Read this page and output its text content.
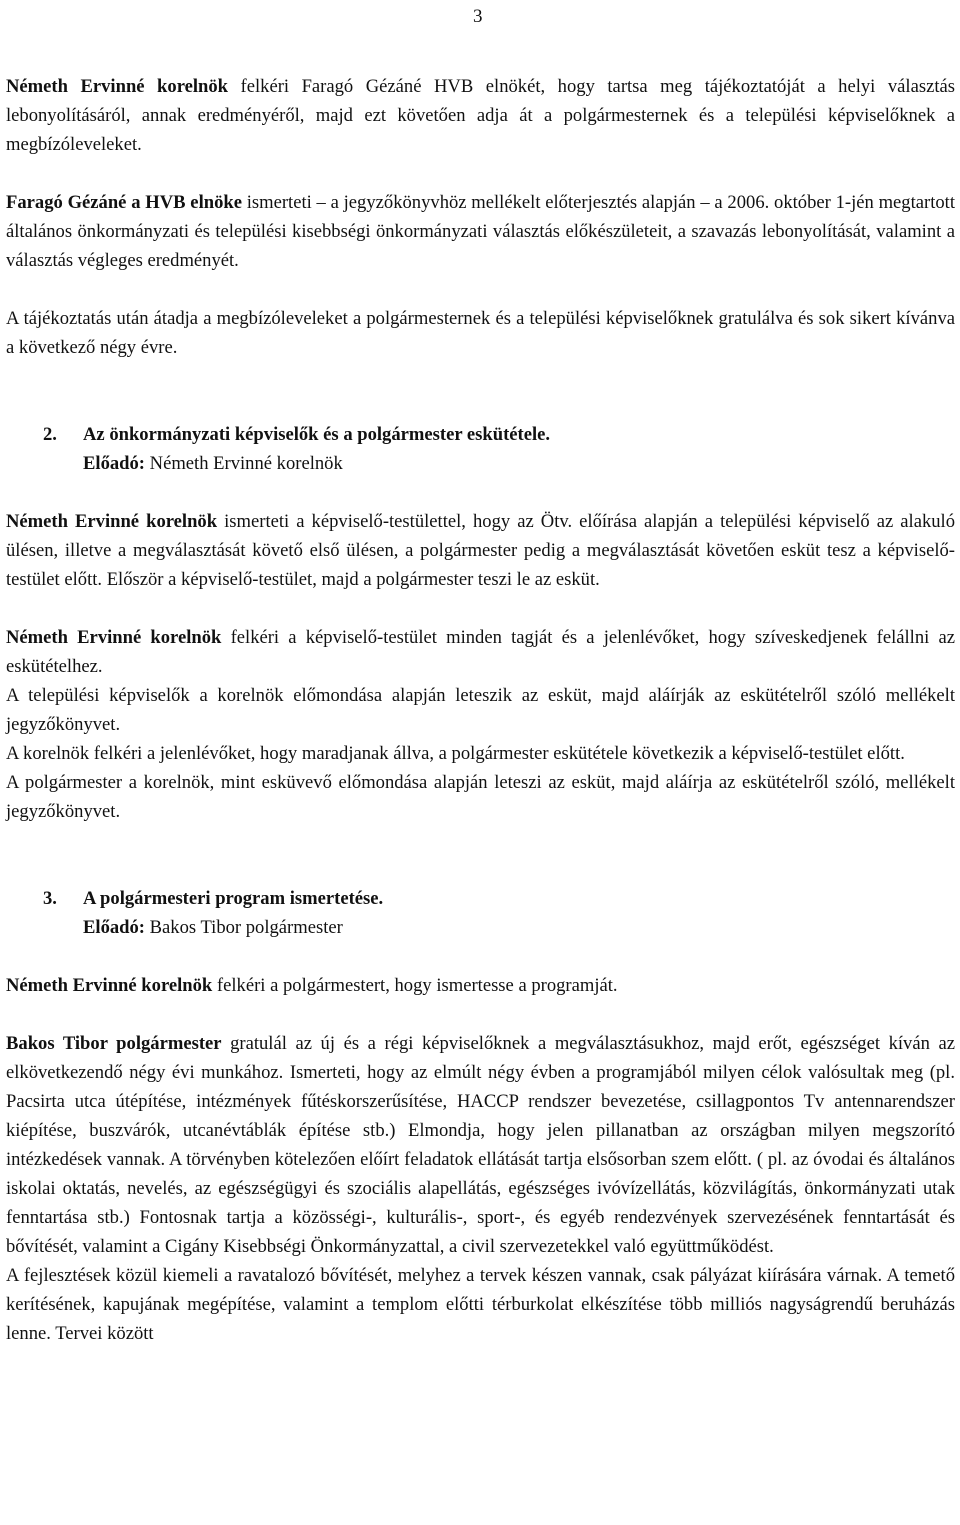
3

Németh Ervinné korelnök felkéri Faragó Gézáné HVB elnökét, hogy tartsa meg tájékoztatóját a helyi választás lebonyolításáról, annak eredményéről, majd ezt követően adja át a polgármesternek és a települési képviselőknek a megbízóleveleket.

Faragó Gézáné a HVB elnöke ismerteti – a jegyzőkönyvhöz mellékelt előterjesztés alapján – a 2006. október 1-jén megtartott általános önkormányzati és települési kisebbségi önkormányzati választás előkészületeit, a szavazás lebonyolítását, valamint a választás végleges eredményét.

A tájékoztatás után átadja a megbízóleveleket a polgármesternek és a települési képviselőknek gratulálva és sok sikert kívánva a következő négy évre.

2. Az önkormányzati képviselők és a polgármester eskütétele.
Előadó: Németh Ervinné korelnök

Németh Ervinné korelnök ismerteti a képviselő-testülettel, hogy az Ötv. előírása alapján a települési képviselő az alakuló ülésen, illetve a megválasztását követő első ülésen, a polgármester pedig a megválasztását követően esküt tesz a képviselő-testület előtt. Először a képviselő-testület, majd a polgármester teszi le az esküt.

Németh Ervinné korelnök felkéri a képviselő-testület minden tagját és a jelenlévőket, hogy szíveskedjenek felállni az eskütételhez.

A települési képviselők a korelnök előmondása alapján leteszik az esküt, majd aláírják az eskütételről szóló mellékelt jegyzőkönyvet.

A korelnök felkéri a jelenlévőket, hogy maradjanak állva, a polgármester eskütétele következik a képviselő-testület előtt.

A polgármester a korelnök, mint esküvevő előmondása alapján leteszi az esküt, majd aláírja az eskütételről szóló, mellékelt jegyzőkönyvet.

3. A polgármesteri program ismertetése.
Előadó: Bakos Tibor polgármester

Németh Ervinné korelnök felkéri a polgármestert, hogy ismertesse a programját.

Bakos Tibor polgármester gratulál az új és a régi képviselőknek a megválasztásukhoz, majd erőt, egészséget kíván az elkövetkezendő négy évi munkához. Ismerteti, hogy az elmúlt négy évben a programjából milyen célok valósultak meg (pl. Pacsirta utca útépítése, intézmények fűtéskorszerűsítése, HACCP rendszer bevezetése, csillagpontos Tv antennarendszer kiépítése, buszvárók, utcanévtáblák építése stb.) Elmondja, hogy jelen pillanatban az országban milyen megszorító intézkedések vannak. A törvényben kötelezően előírt feladatok ellátását tartja elsősorban szem előtt. ( pl. az óvodai és általános iskolai oktatás, nevelés, az egészségügyi és szociális alapellátás, egészséges ivóvízellátás, közvilágítás, önkormányzati utak fenntartása stb.) Fontosnak tartja a közösségi-, kulturális-, sport-, és egyéb rendezvények szervezésének fenntartását és bővítését, valamint a Cigány Kisebbségi Önkormányzattal, a civil szervezetekkel való együttműködést.

A fejlesztések közül kiemeli a ravatalozó bővítését, melyhez a tervek készen vannak, csak pályázat kiírására várnak. A temető kerítésének, kapujának megépítése, valamint a templom előtti térburkolat elkészítése több milliós nagyságrendű beruházás lenne. Tervei között
